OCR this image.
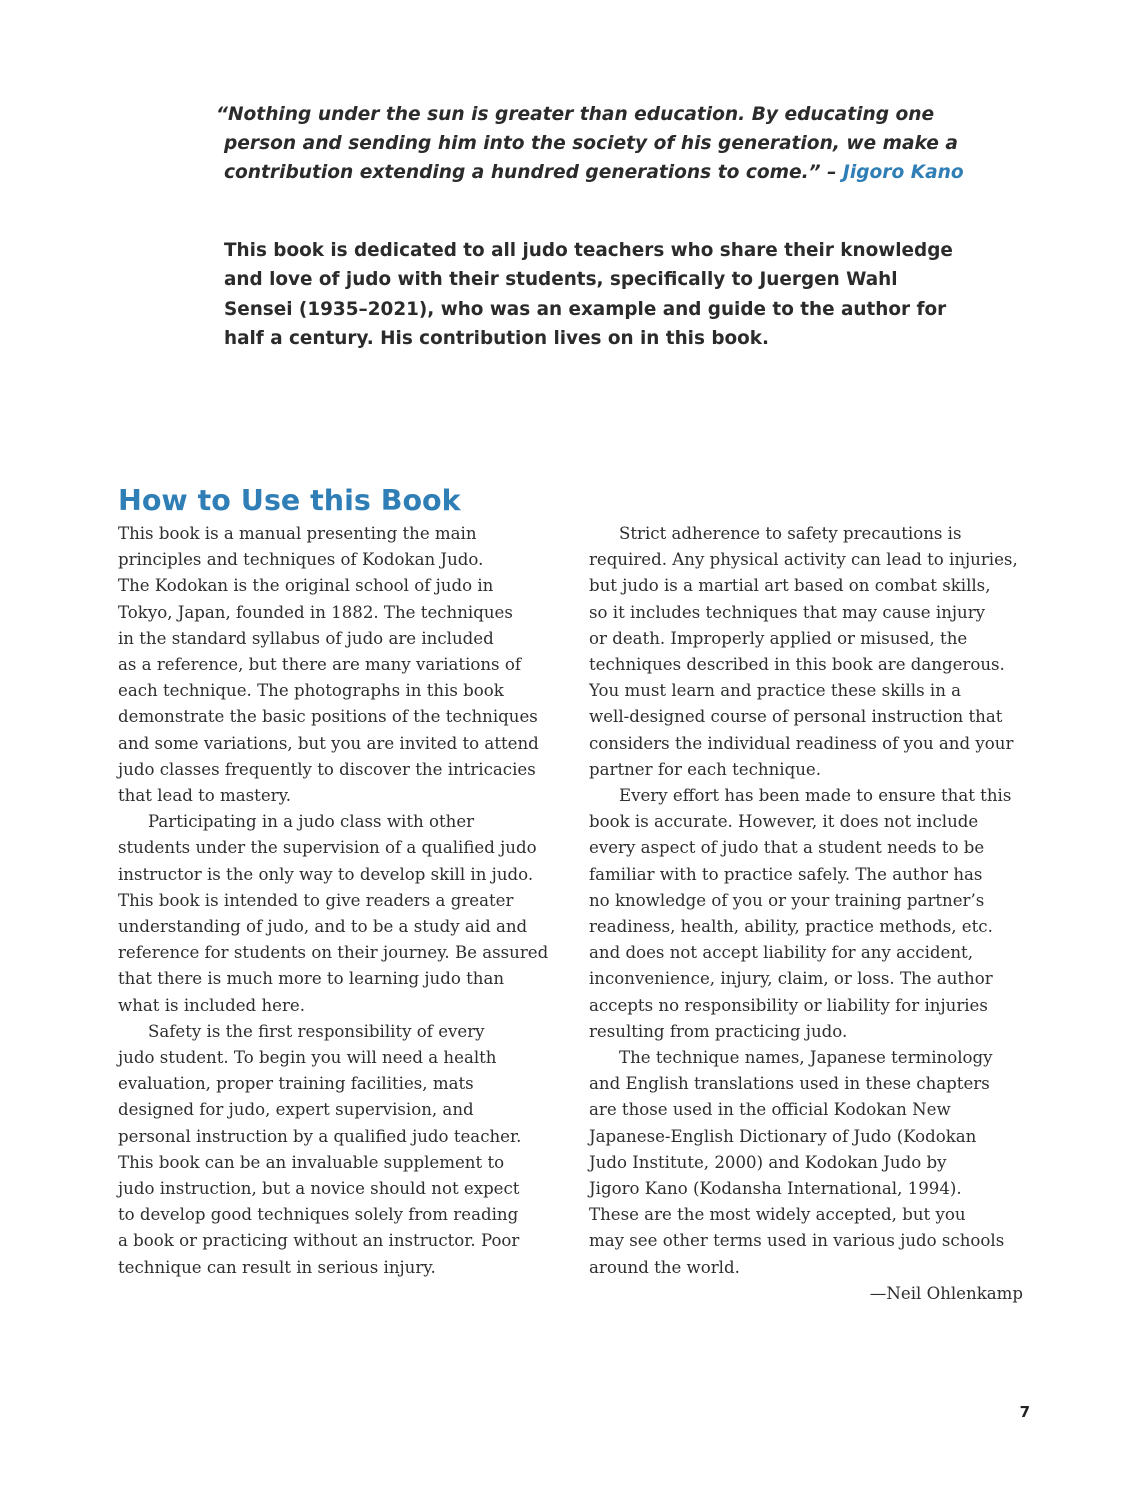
“Nothing under the sun is greater than education. By educating one
person and sending him into the society of his generation, we make a
contribution extending a hundred generations to come.” – Jigoro Kano
This book is dedicated to all judo teachers who share their knowledge
and love of judo with their students, specifically to Juergen Wahl
Sensei (1935–2021), who was an example and guide to the author for
half a century. His contribution lives on in this book.
How to Use this Book
This book is a manual presenting the main
principles and techniques of Kodokan Judo.
The Kodokan is the original school of judo in
Tokyo, Japan, founded in 1882. The techniques
in the standard syllabus of judo are included
as a reference, but there are many variations of
each technique. The photographs in this book
demonstrate the basic positions of the techniques
and some variations, but you are invited to attend
judo classes frequently to discover the intricacies
that lead to mastery.
Participating in a judo class with other
students under the supervision of a qualified judo
instructor is the only way to develop skill in judo.
This book is intended to give readers a greater
understanding of judo, and to be a study aid and
reference for students on their journey. Be assured
that there is much more to learning judo than
what is included here.
Safety is the first responsibility of every
judo student. To begin you will need a health
evaluation, proper training facilities, mats
designed for judo, expert supervision, and
personal instruction by a qualified judo teacher.
This book can be an invaluable supplement to
judo instruction, but a novice should not expect
to develop good techniques solely from reading
a book or practicing without an instructor. Poor
technique can result in serious injury.
Strict adherence to safety precautions is
required. Any physical activity can lead to injuries,
but judo is a martial art based on combat skills,
so it includes techniques that may cause injury
or death. Improperly applied or misused, the
techniques described in this book are dangerous.
You must learn and practice these skills in a
well-designed course of personal instruction that
considers the individual readiness of you and your
partner for each technique.
Every effort has been made to ensure that this
book is accurate. However, it does not include
every aspect of judo that a student needs to be
familiar with to practice safely. The author has
no knowledge of you or your training partner’s
readiness, health, ability, practice methods, etc.
and does not accept liability for any accident,
inconvenience, injury, claim, or loss. The author
accepts no responsibility or liability for injuries
resulting from practicing judo.
The technique names, Japanese terminology
and English translations used in these chapters
are those used in the official Kodokan New
Japanese-English Dictionary of Judo (Kodokan
Judo Institute, 2000) and Kodokan Judo by
Jigoro Kano (Kodansha International, 1994).
These are the most widely accepted, but you
may see other terms used in various judo schools
around the world.
—Neil Ohlenkamp
7
